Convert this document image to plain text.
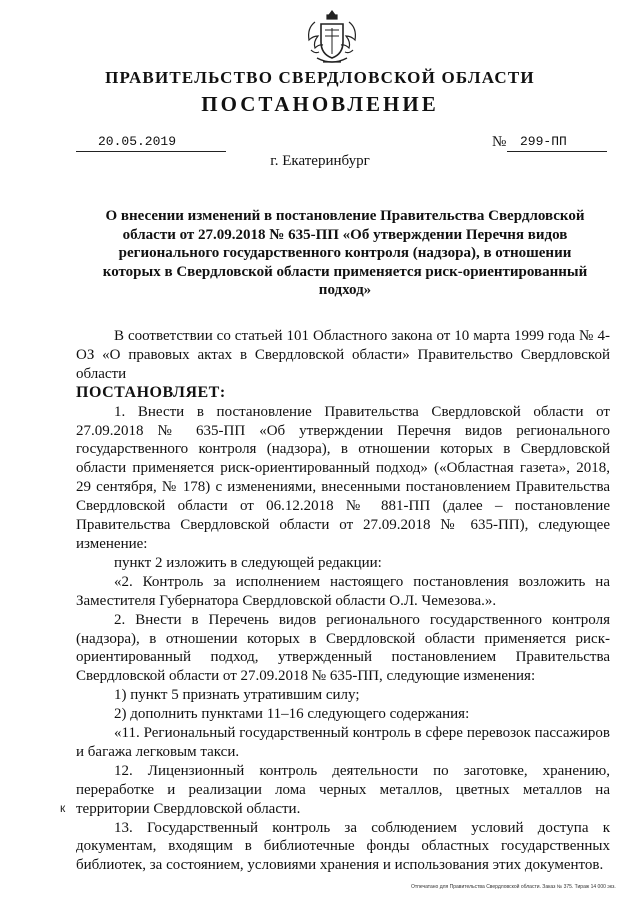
ПРАВИТЕЛЬСТВО СВЕРДЛОВСКОЙ ОБЛАСТИ
ПОСТАНОВЛЕНИЕ
20.05.2019	№	299-ПП
г. Екатеринбург
О внесении изменений в постановление Правительства Свердловской области от 27.09.2018 № 635-ПП «Об утверждении Перечня видов регионального государственного контроля (надзора), в отношении которых в Свердловской области применяется риск-ориентированный подход»

В соответствии со статьей 101 Областного закона от 10 марта 1999 года № 4-ОЗ «О правовых актах в Свердловской области» Правительство Свердловской области

ПОСТАНОВЛЯЕТ:

1. Внести в постановление Правительства Свердловской области от 27.09.2018 № 635-ПП «Об утверждении Перечня видов регионального государственного контроля (надзора), в отношении которых в Свердловской области применяется риск-ориентированный подход» («Областная газета», 2018, 29 сентября, № 178) с изменениями, внесенными постановлением Правительства Свердловской области от 06.12.2018 № 881-ПП (далее – постановление Правительства Свердловской области от 27.09.2018 № 635-ПП), следующее изменение:

пункт 2 изложить в следующей редакции:

«2. Контроль за исполнением настоящего постановления возложить на Заместителя Губернатора Свердловской области О.Л. Чемезова.».

2. Внести в Перечень видов регионального государственного контроля (надзора), в отношении которых в Свердловской области применяется риск-ориентированный подход, утвержденный постановлением Правительства Свердловской области от 27.09.2018 № 635-ПП, следующие изменения:

1) пункт 5 признать утратившим силу;

2) дополнить пунктами 11–16 следующего содержания:

«11. Региональный государственный контроль в сфере перевозок пассажиров и багажа легковым такси.

12. Лицензионный контроль деятельности по заготовке, хранению, переработке и реализации лома черных металлов, цветных металлов на территории Свердловской области.

13. Государственный контроль за соблюдением условий доступа к документам, входящим в библиотечные фонды областных государственных библиотек, за состоянием, условиями хранения и использования этих документов.

к
Отпечатано для Правительства Свердловской области. Заказ № 375. Тираж 14 000 экз.
